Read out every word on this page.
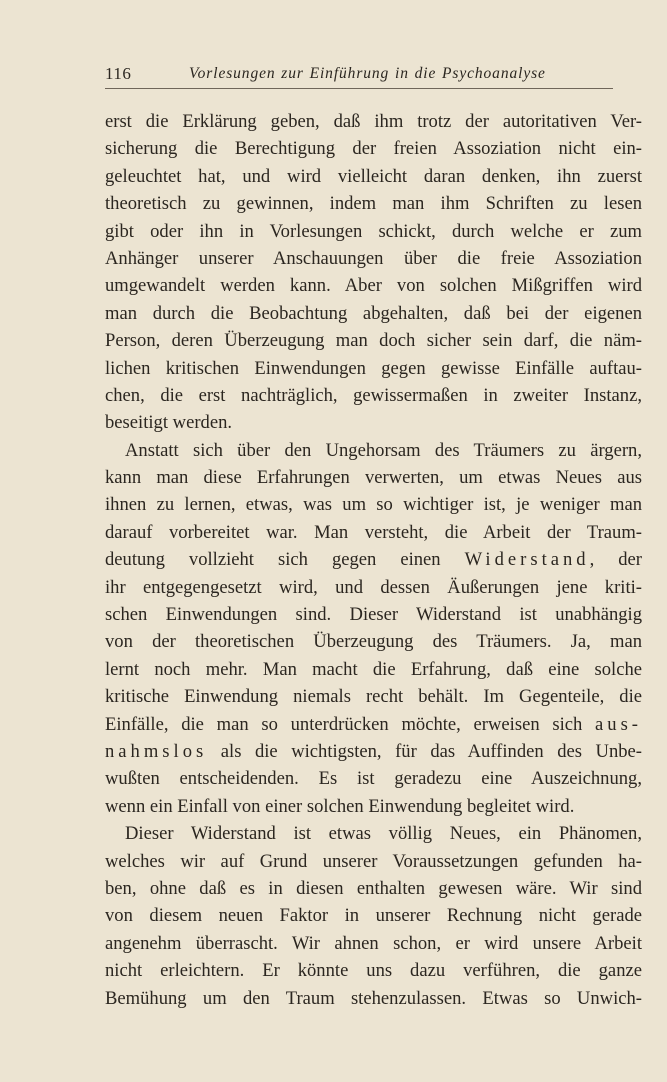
116	Vorlesungen zur Einführung in die Psychoanalyse
erst die Erklärung geben, daß ihm trotz der autoritativen Ver-
sicherung die Berechtigung der freien Assoziation nicht ein-
geleuchtet hat, und wird vielleicht daran denken, ihn zuerst
theoretisch zu gewinnen, indem man ihm Schriften zu lesen
gibt oder ihn in Vorlesungen schickt, durch welche er zum
Anhänger unserer Anschauungen über die freie Assoziation
umgewandelt werden kann. Aber von solchen Mißgriffen wird
man durch die Beobachtung abgehalten, daß bei der eigenen
Person, deren Überzeugung man doch sicher sein darf, die näm-
lichen kritischen Einwendungen gegen gewisse Einfälle auftau-
chen, die erst nachträglich, gewissermaßen in zweiter Instanz,
beseitigt werden.
Anstatt sich über den Ungehorsam des Träumers zu ärgern,
kann man diese Erfahrungen verwerten, um etwas Neues aus
ihnen zu lernen, etwas, was um so wichtiger ist, je weniger man
darauf vorbereitet war. Man versteht, die Arbeit der Traum-
deutung vollzieht sich gegen einen Widerstand, der
ihr entgegengesetzt wird, und dessen Äußerungen jene kriti-
schen Einwendungen sind. Dieser Widerstand ist unabhängig
von der theoretischen Überzeugung des Träumers. Ja, man
lernt noch mehr. Man macht die Erfahrung, daß eine solche
kritische Einwendung niemals recht behält. Im Gegenteile, die
Einfälle, die man so unterdrücken möchte, erweisen sich aus-
nahmslos als die wichtigsten, für das Auffinden des Unbe-
wußten entscheidenden. Es ist geradezu eine Auszeichnung,
wenn ein Einfall von einer solchen Einwendung begleitet wird.
Dieser Widerstand ist etwas völlig Neues, ein Phänomen,
welches wir auf Grund unserer Voraussetzungen gefunden ha-
ben, ohne daß es in diesen enthalten gewesen wäre. Wir sind
von diesem neuen Faktor in unserer Rechnung nicht gerade
angenehm überrascht. Wir ahnen schon, er wird unsere Arbeit
nicht erleichtern. Er könnte uns dazu verführen, die ganze
Bemühung um den Traum stehenzulassen. Etwas so Unwich-
